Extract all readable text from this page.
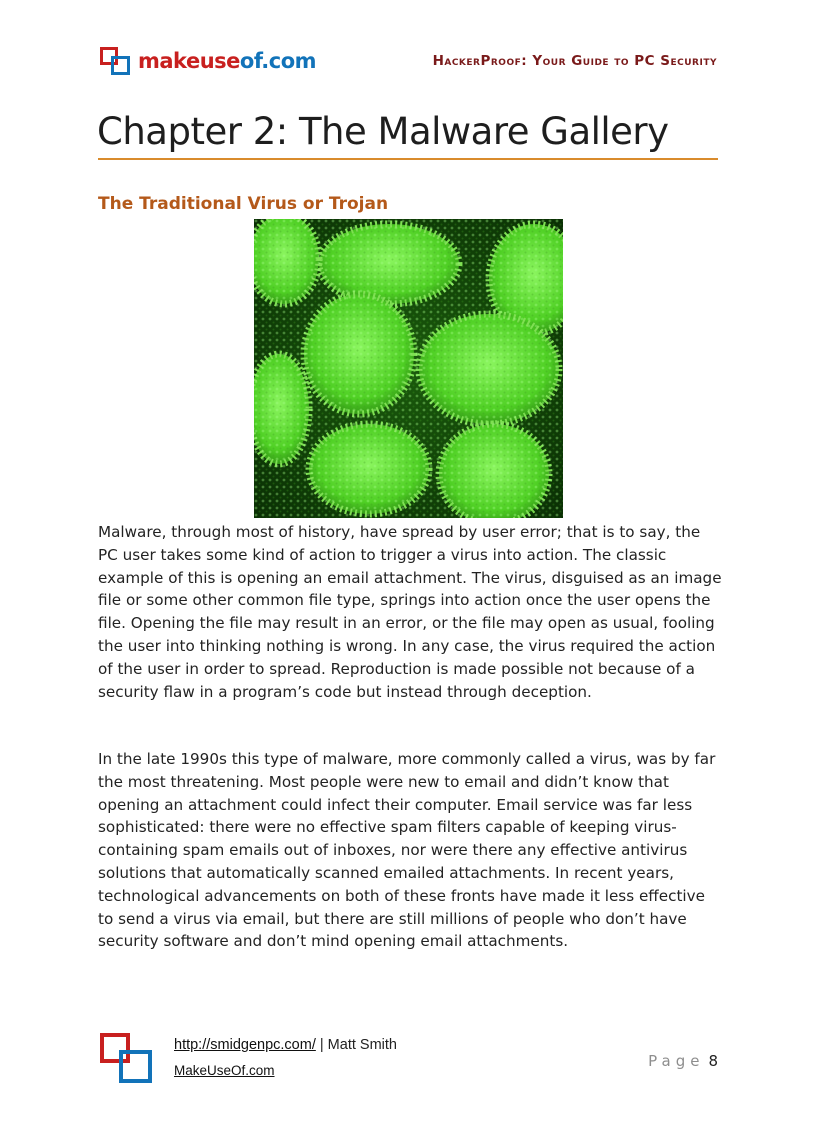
makeuseof.com	HackerProof: Your Guide to PC Security
Chapter 2: The Malware Gallery
The Traditional Virus or Trojan

Malware, through most of history, have spread by user error; that is to say, the PC user takes some kind of action to trigger a virus into action. The classic example of this is opening an email attachment. The virus, disguised as an image file or some other common file type, springs into action once the user opens the file. Opening the file may result in an error, or the file may open as usual, fooling the user into thinking nothing is wrong. In any case, the virus required the action of the user in order to spread. Reproduction is made possible not because of a security flaw in a program’s code but instead through deception.

In the late 1990s this type of malware, more commonly called a virus, was by far the most threatening. Most people were new to email and didn’t know that opening an attachment could infect their computer. Email service was far less sophisticated: there were no effective spam filters capable of keeping virus-containing spam emails out of inboxes, nor were there any effective antivirus solutions that automatically scanned emailed attachments. In recent years, technological advancements on both of these fronts have made it less effective to send a virus via email, but there are still millions of people who don’t have security software and don’t mind opening email attachments.

http://smidgenpc.com/ | Matt Smith
MakeUseOf.com
Page 8
